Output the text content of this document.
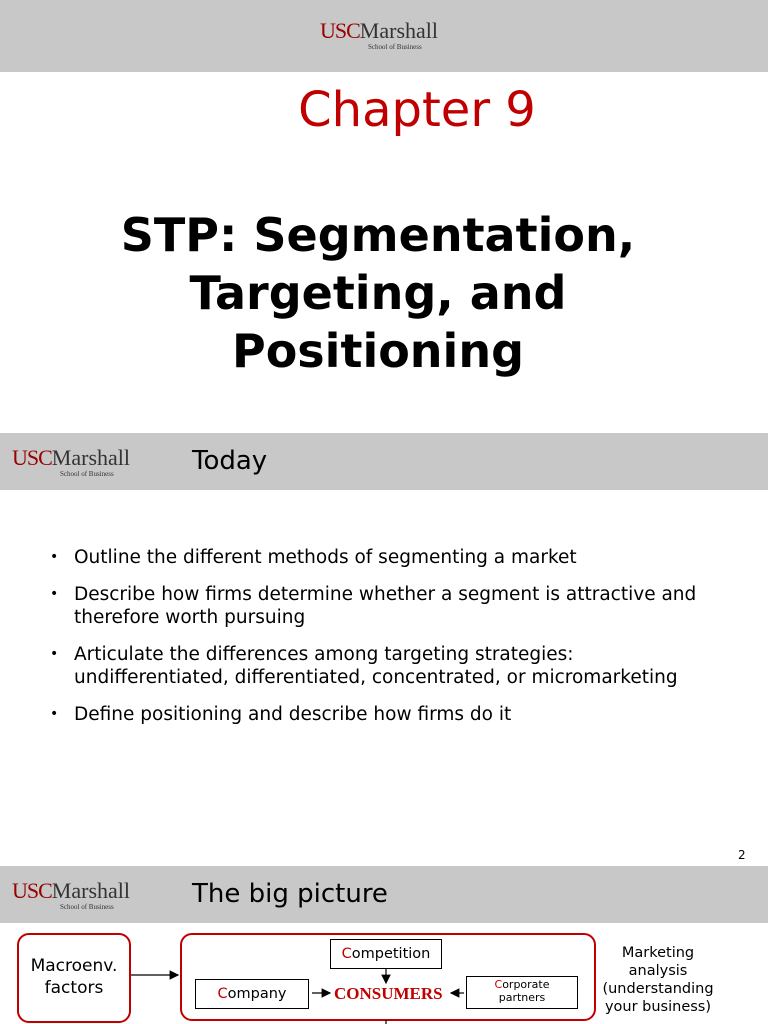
USCMarshall
School of Business
Chapter 9
STP: Segmentation,
Targeting, and
Positioning
USCMarshall
School of Business	Today
• Outline the different methods of segmenting a market
• Describe how firms determine whether a segment is attractive and therefore worth pursuing
• Articulate the differences among targeting strategies: undifferentiated, differentiated, concentrated, or micromarketing
• Define positioning and describe how firms do it
2
USCMarshall
School of Business	The big picture
Macroenv.
factors
Competition
Company	CONSUMERS	Corporate
partners
Marketing
analysis
(understanding
your business)
